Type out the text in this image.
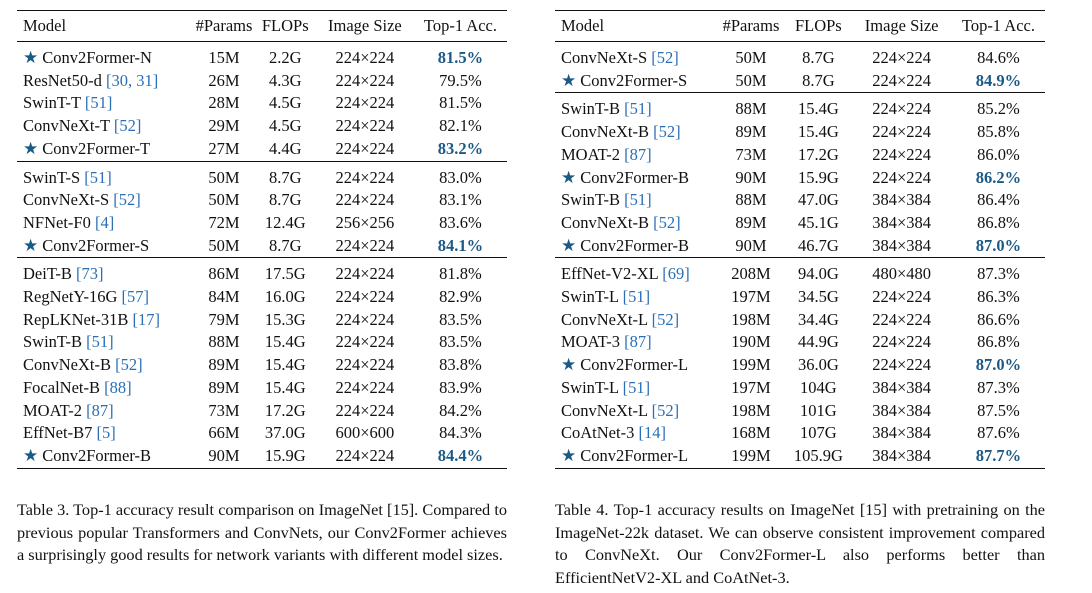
Model	#Params	FLOPs	Image Size	Top-1 Acc.
★ Conv2Former-N	15M	2.2G	224×224	81.5%
ResNet50-d [30, 31]	26M	4.3G	224×224	79.5%
SwinT-T [51]	28M	4.5G	224×224	81.5%
ConvNeXt-T [52]	29M	4.5G	224×224	82.1%
★ Conv2Former-T	27M	4.4G	224×224	83.2%
SwinT-S [51]	50M	8.7G	224×224	83.0%
ConvNeXt-S [52]	50M	8.7G	224×224	83.1%
NFNet-F0 [4]	72M	12.4G	256×256	83.6%
★ Conv2Former-S	50M	8.7G	224×224	84.1%
DeiT-B [73]	86M	17.5G	224×224	81.8%
RegNetY-16G [57]	84M	16.0G	224×224	82.9%
RepLKNet-31B [17]	79M	15.3G	224×224	83.5%
SwinT-B [51]	88M	15.4G	224×224	83.5%
ConvNeXt-B [52]	89M	15.4G	224×224	83.8%
FocalNet-B [88]	89M	15.4G	224×224	83.9%
MOAT-2 [87]	73M	17.2G	224×224	84.2%
EffNet-B7 [5]	66M	37.0G	600×600	84.3%
★ Conv2Former-B	90M	15.9G	224×224	84.4%
Model	#Params	FLOPs	Image Size	Top-1 Acc.
ConvNeXt-S [52]	50M	8.7G	224×224	84.6%
★ Conv2Former-S	50M	8.7G	224×224	84.9%
SwinT-B [51]	88M	15.4G	224×224	85.2%
ConvNeXt-B [52]	89M	15.4G	224×224	85.8%
MOAT-2 [87]	73M	17.2G	224×224	86.0%
★ Conv2Former-B	90M	15.9G	224×224	86.2%
SwinT-B [51]	88M	47.0G	384×384	86.4%
ConvNeXt-B [52]	89M	45.1G	384×384	86.8%
★ Conv2Former-B	90M	46.7G	384×384	87.0%
EffNet-V2-XL [69]	208M	94.0G	480×480	87.3%
SwinT-L [51]	197M	34.5G	224×224	86.3%
ConvNeXt-L [52]	198M	34.4G	224×224	86.6%
MOAT-3 [87]	190M	44.9G	224×224	86.8%
★ Conv2Former-L	199M	36.0G	224×224	87.0%
SwinT-L [51]	197M	104G	384×384	87.3%
ConvNeXt-L [52]	198M	101G	384×384	87.5%
CoAtNet-3 [14]	168M	107G	384×384	87.6%
★ Conv2Former-L	199M	105.9G	384×384	87.7%
Table 3. Top-1 accuracy result comparison on ImageNet [15]. Compared to previous popular Transformers and ConvNets, our Conv2Former achieves a surprisingly good results for network variants with different model sizes.
Table 4. Top-1 accuracy results on ImageNet [15] with pretraining on the ImageNet-22k dataset. We can observe consistent improvement compared to ConvNeXt. Our Conv2Former-L also performs better than EfficientNetV2-XL and CoAtNet-3.
